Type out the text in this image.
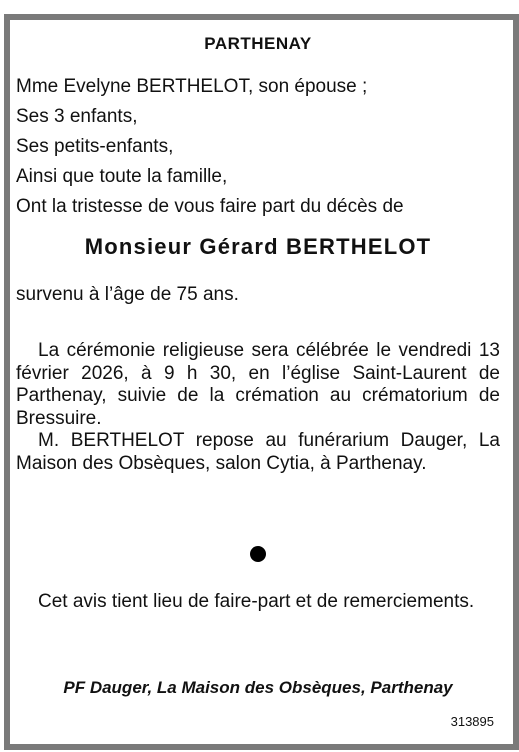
PARTHENAY
Mme Evelyne BERTHELOT, son épouse ;
Ses 3 enfants,
Ses petits-enfants,
Ainsi que toute la famille,
Ont la tristesse de vous faire part du décès de
Monsieur Gérard BERTHELOT
survenu à l’âge de 75 ans.
La cérémonie religieuse sera célébrée le vendredi 13 février 2026, à 9 h 30, en l’église Saint-Laurent de Parthenay, suivie de la crémation au crématorium de Bressuire.
M. BERTHELOT repose au funérarium Dauger, La Maison des Obsèques, salon Cytia, à Parthenay.
Cet avis tient lieu de faire-part et de remerciements.
PF Dauger, La Maison des Obsèques, Parthenay
313895
